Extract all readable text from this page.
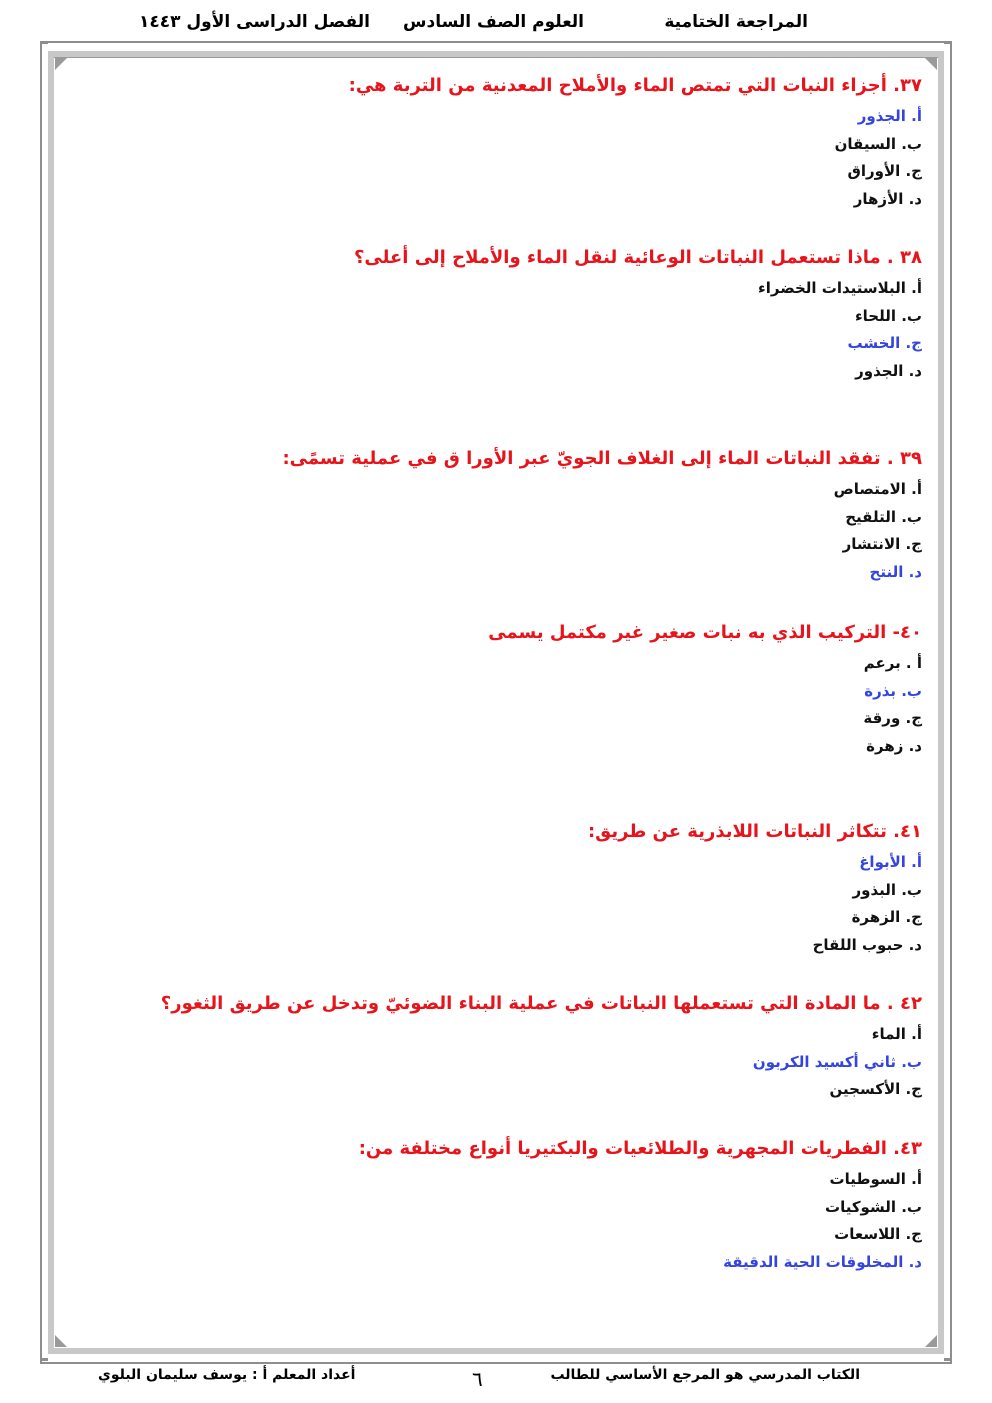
المراجعة الختامية
العلوم الصف السادس
الفصل الدراسى الأول ١٤٤٣
٣٧. أجزاء النبات التي تمتص الماء والأملاح المعدنية من التربة هي:
أ. الجذور
ب. السيقان
ج. الأوراق
د. الأزهار
٣٨ . ماذا تستعمل النباتات الوعائية لنقل الماء والأملاح إلى أعلى؟
أ. البلاستيدات الخضراء
ب. اللحاء
ج. الخشب
د. الجذور
٣٩ . تفقد النباتات الماء إلى الغلاف الجويّ عبر الأورا ق في عملية تسمًى:
أ. الامتصاص
ب. التلقيح
ج. الانتشار
د. النتح
٤٠- التركيب الذي به نبات صغير غير مكتمل يسمى
أ . برعم
ب. بذرة
ج. ورقة
د. زهرة
٤١. تتكاثر النباتات اللابذرية عن طريق:
أ. الأبواغ
ب. البذور
ج. الزهرة
د. حبوب اللقاح
٤٢ . ما المادة التي تستعملها النباتات في عملية البناء الضوئيّ وتدخل عن طريق الثغور؟
أ. الماء
ب. ثاني أكسيد الكربون
ج. الأكسجين
٤٣. الفطريات المجهرية والطلائعيات والبكتيريا أنواع مختلفة من:
أ. السوطيات
ب. الشوكيات
ج. اللاسعات
د. المخلوقات الحية الدقيقة
الكتاب المدرسي هو المرجع الأساسي للطالب
٦
أعداد المعلم أ : يوسف سليمان البلوي
